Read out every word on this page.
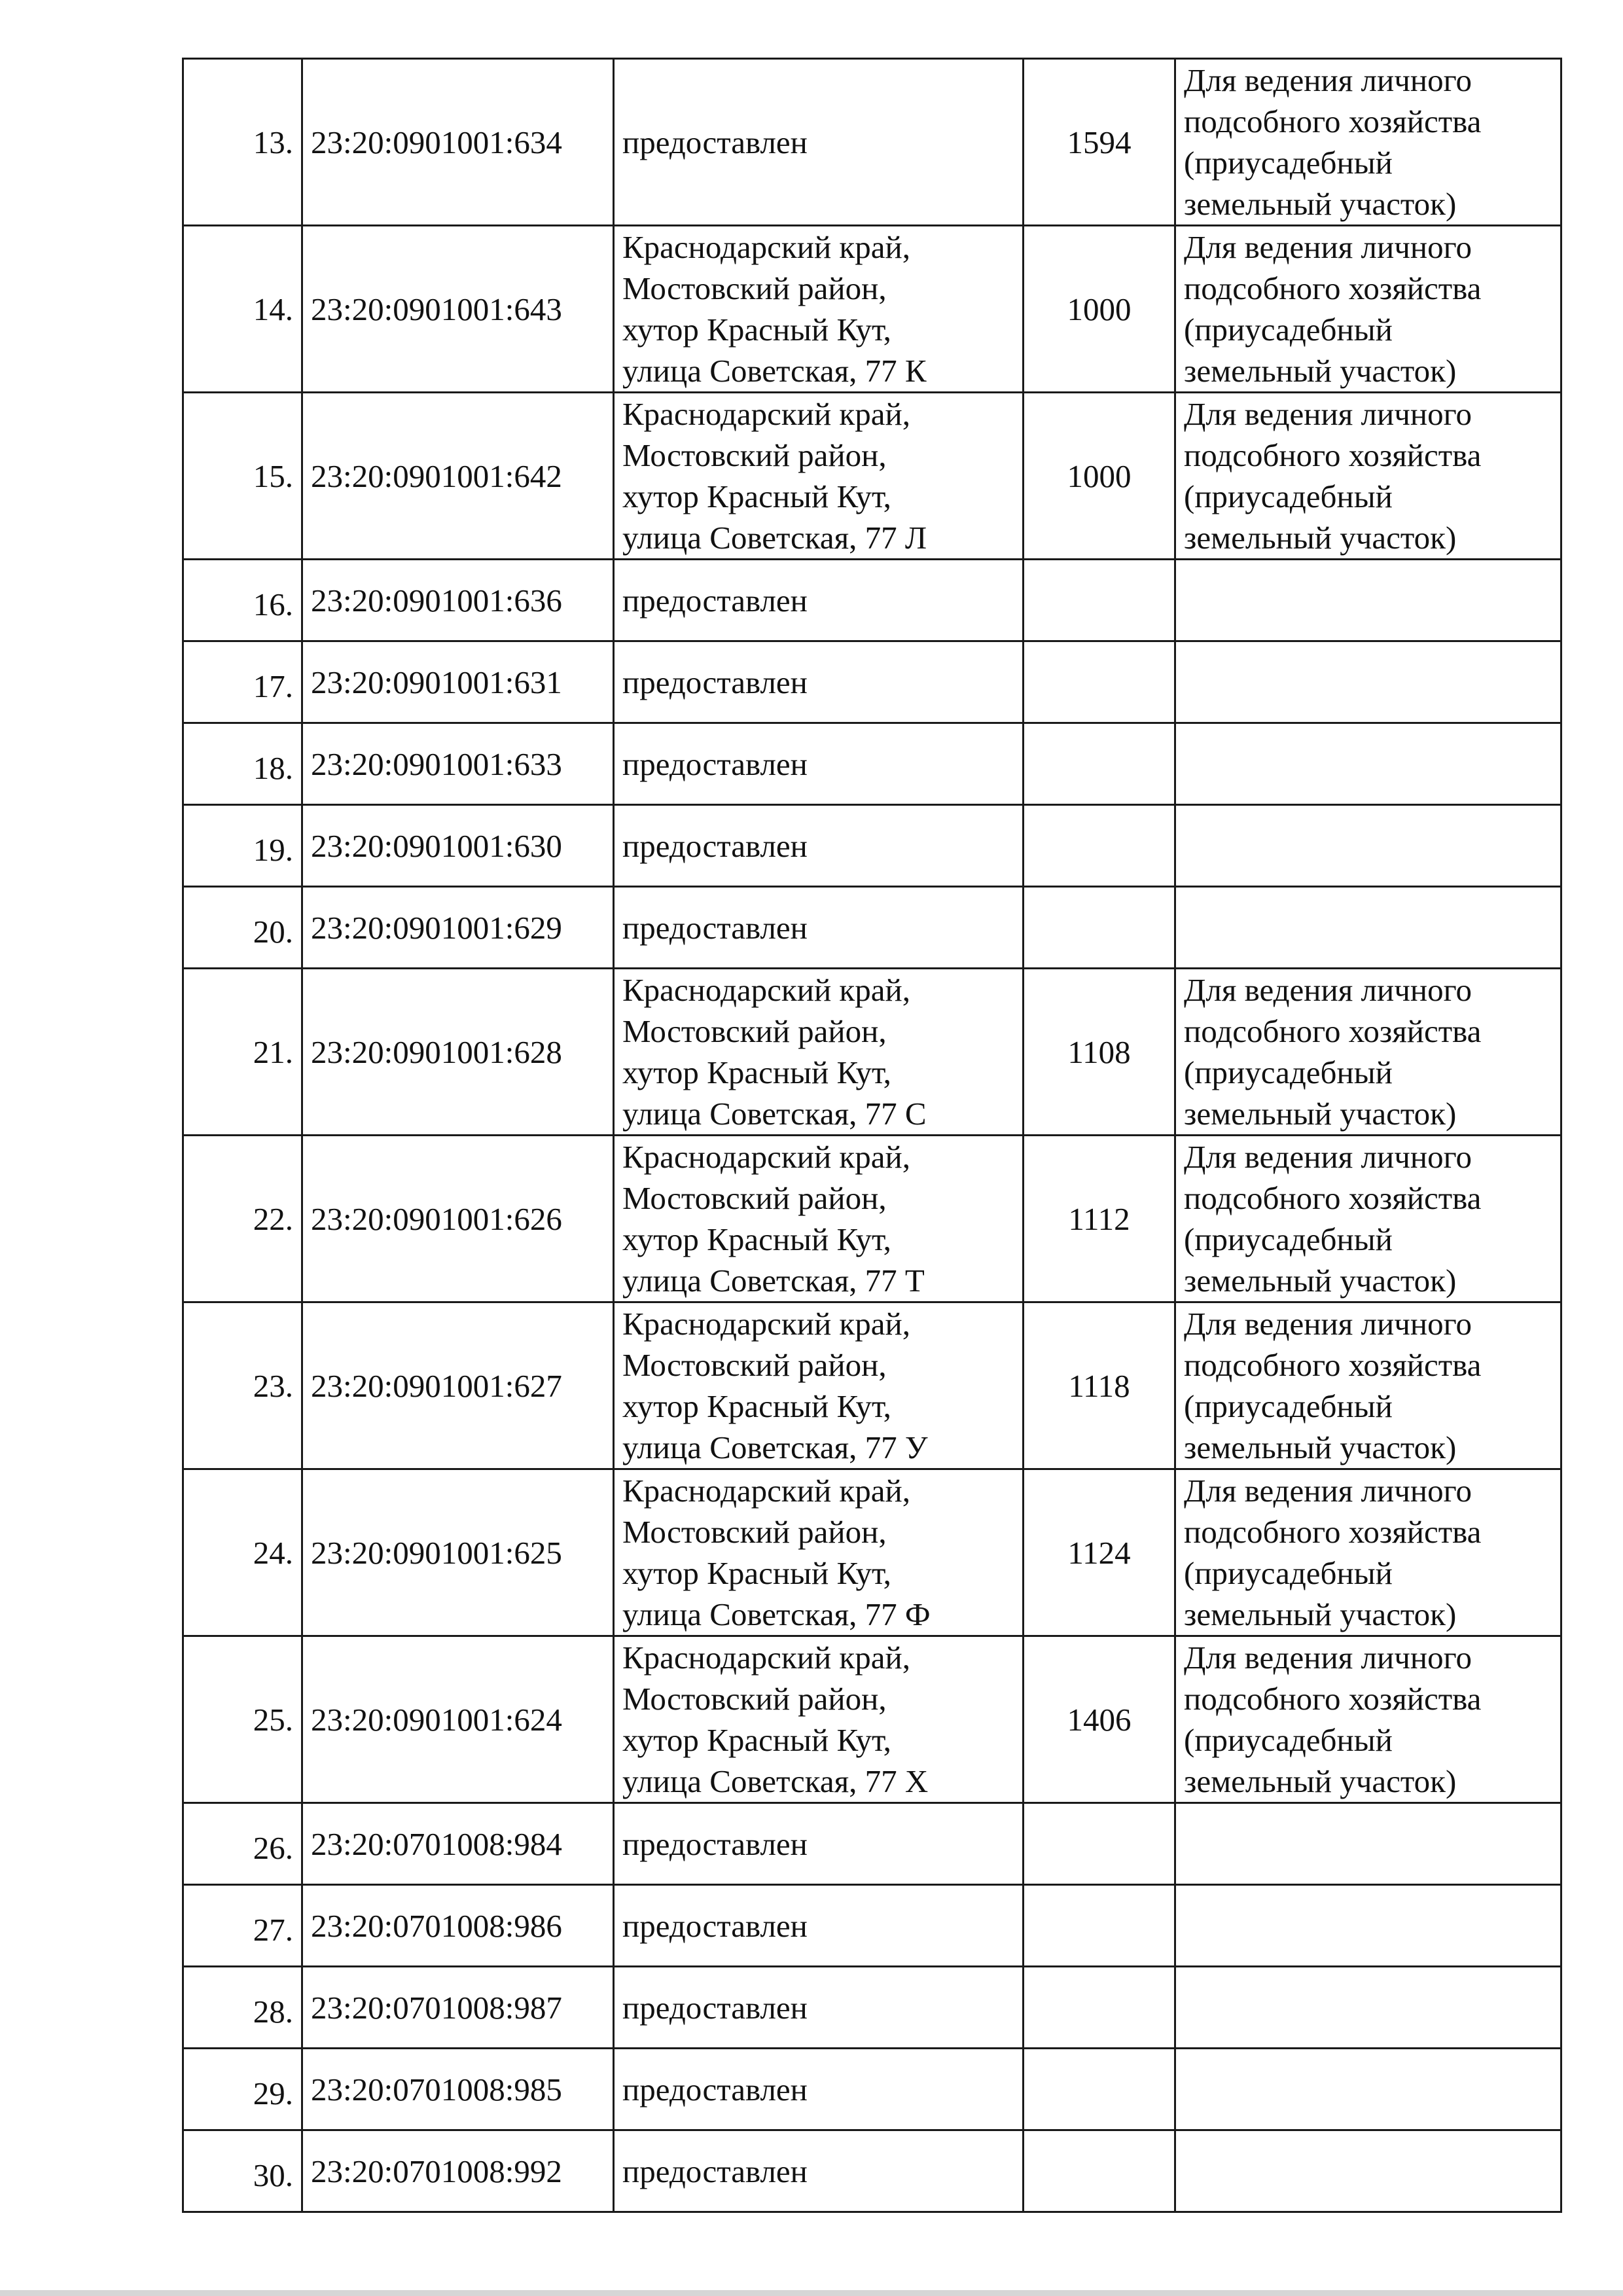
13.	23:20:0901001:634	предоставлен	1594	Для ведения личного
подсобного хозяйства
(приусадебный
земельный участок)

14.	23:20:0901001:643	Краснодарский край,
Мостовский район,
хутор Красный Кут,
улица Советская, 77 К	1000	Для ведения личного
подсобного хозяйства
(приусадебный
земельный участок)

15.	23:20:0901001:642	Краснодарский край,
Мостовский район,
хутор Красный Кут,
улица Советская, 77 Л	1000	Для ведения личного
подсобного хозяйства
(приусадебный
земельный участок)

16.	23:20:0901001:636	предоставлен		

17.	23:20:0901001:631	предоставлен		

18.	23:20:0901001:633	предоставлен		

19.	23:20:0901001:630	предоставлен		

20.	23:20:0901001:629	предоставлен		

21.	23:20:0901001:628	Краснодарский край,
Мостовский район,
хутор Красный Кут,
улица Советская, 77 С	1108	Для ведения личного
подсобного хозяйства
(приусадебный
земельный участок)

22.	23:20:0901001:626	Краснодарский край,
Мостовский район,
хутор Красный Кут,
улица Советская, 77 Т	1112	Для ведения личного
подсобного хозяйства
(приусадебный
земельный участок)

23.	23:20:0901001:627	Краснодарский край,
Мостовский район,
хутор Красный Кут,
улица Советская, 77 У	1118	Для ведения личного
подсобного хозяйства
(приусадебный
земельный участок)

24.	23:20:0901001:625	Краснодарский край,
Мостовский район,
хутор Красный Кут,
улица Советская, 77 Ф	1124	Для ведения личного
подсобного хозяйства
(приусадебный
земельный участок)

25.	23:20:0901001:624	Краснодарский край,
Мостовский район,
хутор Красный Кут,
улица Советская, 77 Х	1406	Для ведения личного
подсобного хозяйства
(приусадебный
земельный участок)

26.	23:20:0701008:984	предоставлен		

27.	23:20:0701008:986	предоставлен		

28.	23:20:0701008:987	предоставлен		

29.	23:20:0701008:985	предоставлен		

30.	23:20:0701008:992	предоставлен		
